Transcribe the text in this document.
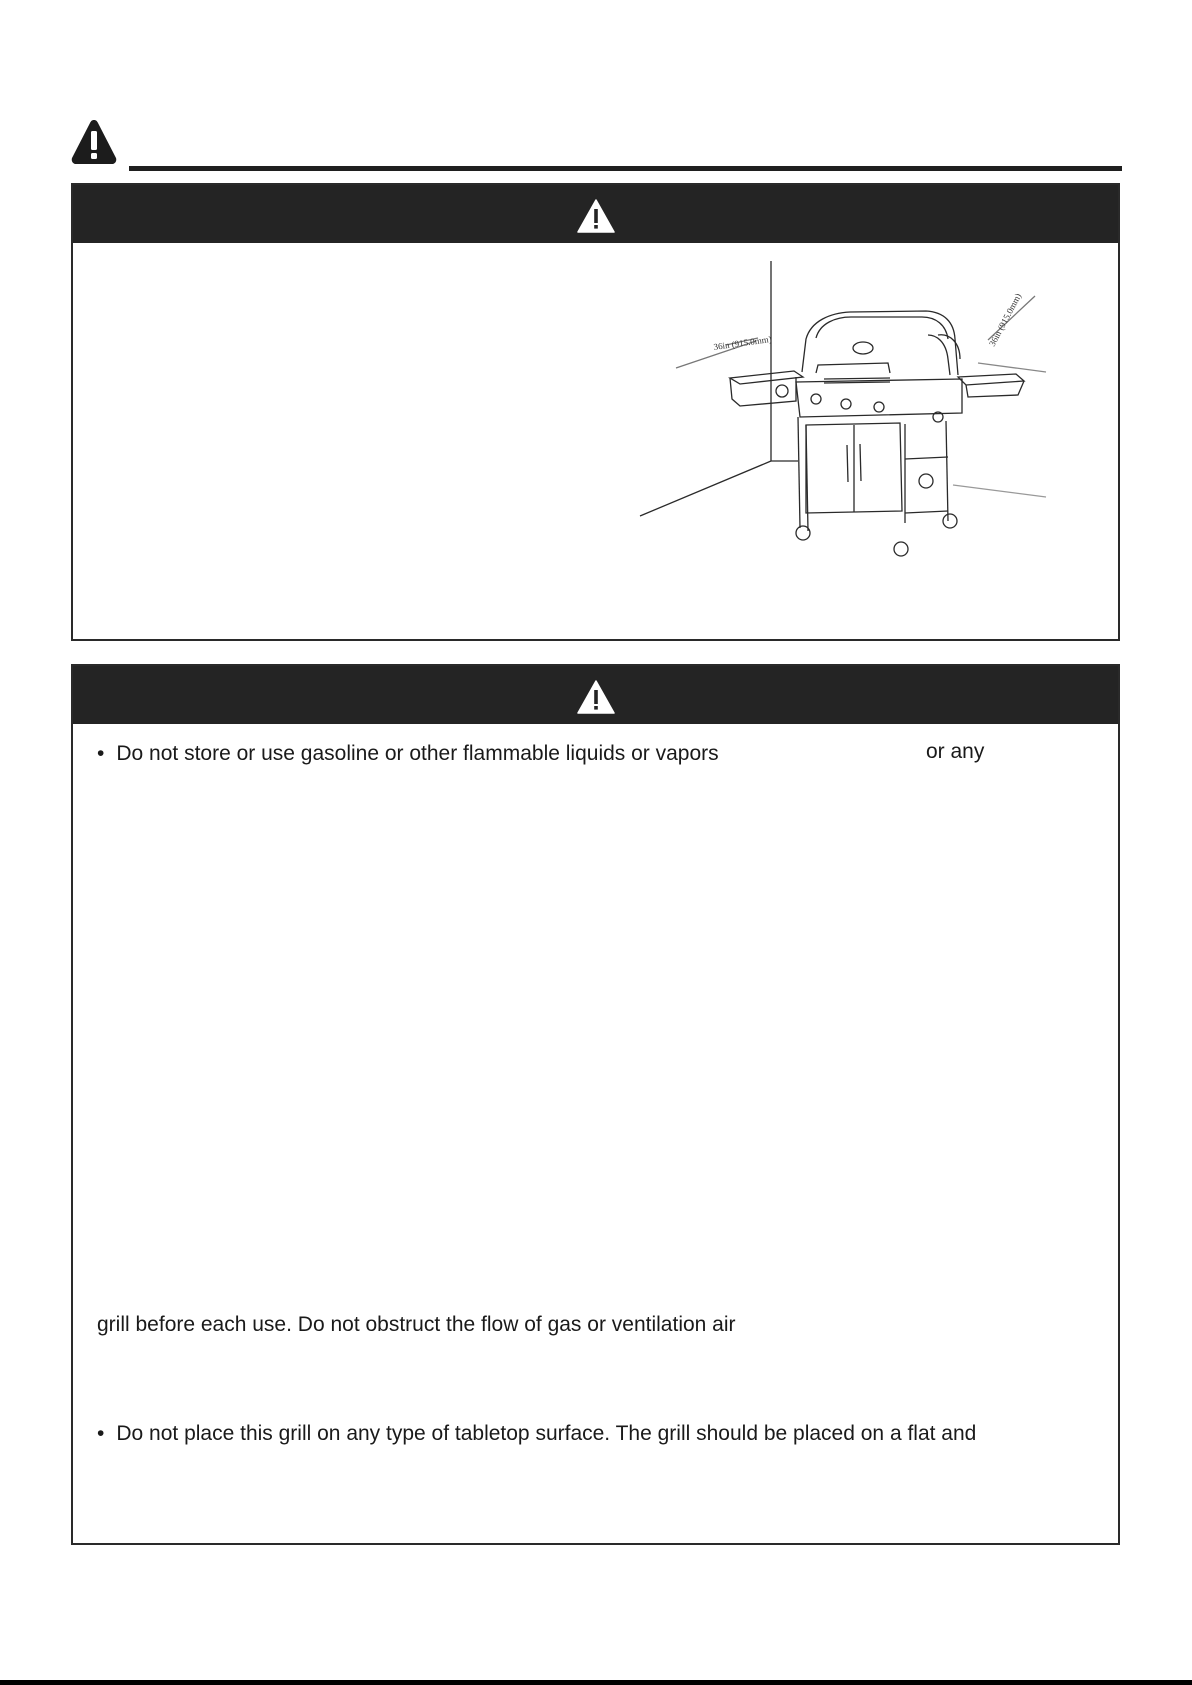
36in (915.0mm)	36in (915.0mm)
• Do not store or use gasoline or other flammable liquids or vapors	or any
grill before each use. Do not obstruct the flow of gas or ventilation air
• Do not place this grill on any type of tabletop surface. The grill should be placed on a flat and
